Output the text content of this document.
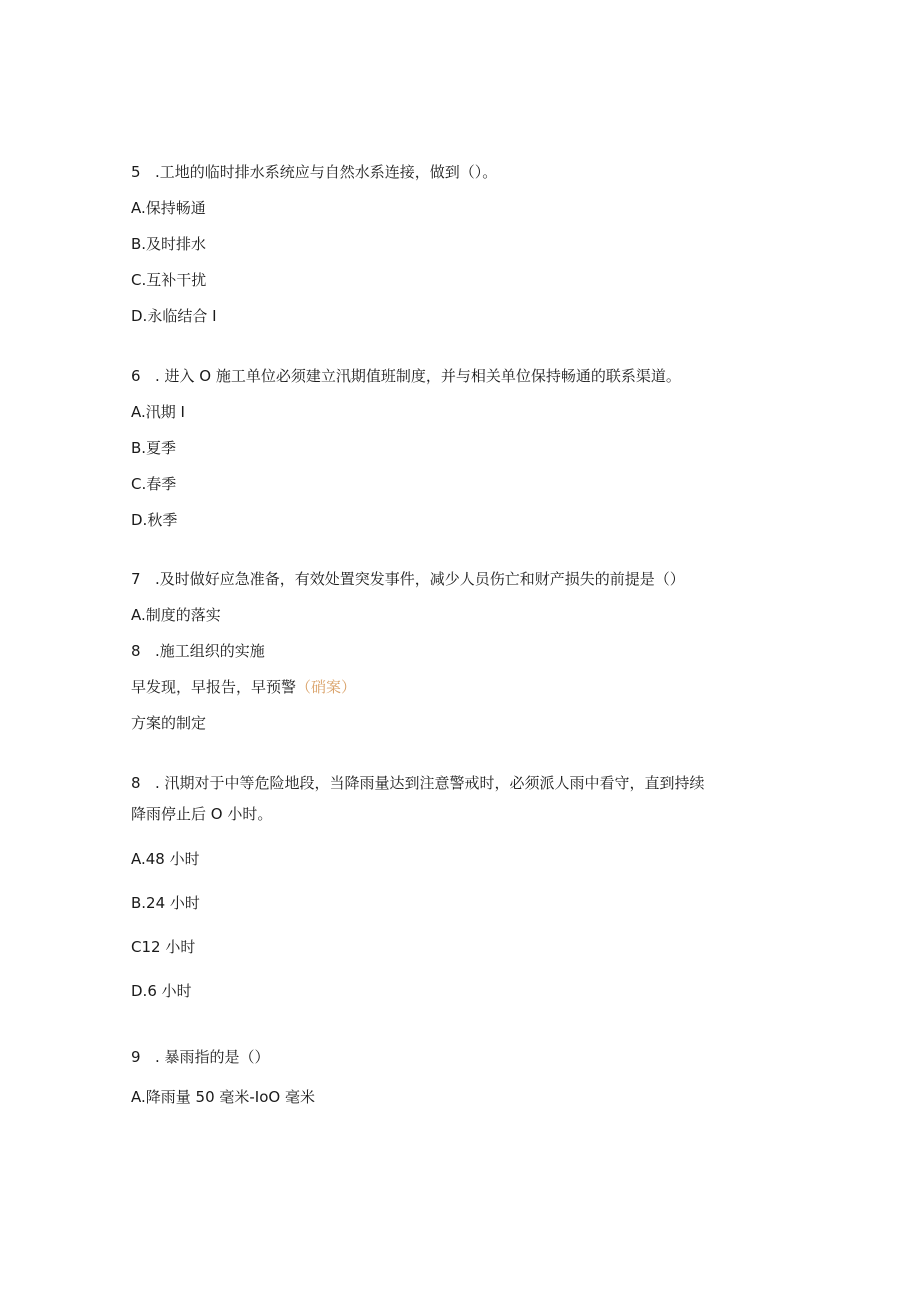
5 .工地的临时排水系统应与自然水系连接，做到（）。
A.保持畅通
B.及时排水
C.互补干扰
D.永临结合 I
6 . 进入 O 施工单位必须建立汛期值班制度，并与相关单位保持畅通的联系渠道。
A.汛期 I
B.夏季
C.春季
D.秋季
7 .及时做好应急准备，有效处置突发事件，减少人员伤亡和财产损失的前提是（）
A.制度的落实
8 .施工组织的实施
早发现，早报告，早预警（硝案）
方案的制定
8 . 汛期对于中等危险地段，当降雨量达到注意警戒时，必须派人雨中看守，直到持续
降雨停止后 O 小时。
A.48 小时
B.24 小时
C12 小时
D.6 小时
9 . 暴雨指的是（）
A.降雨量 50 毫米-IoO 毫米
